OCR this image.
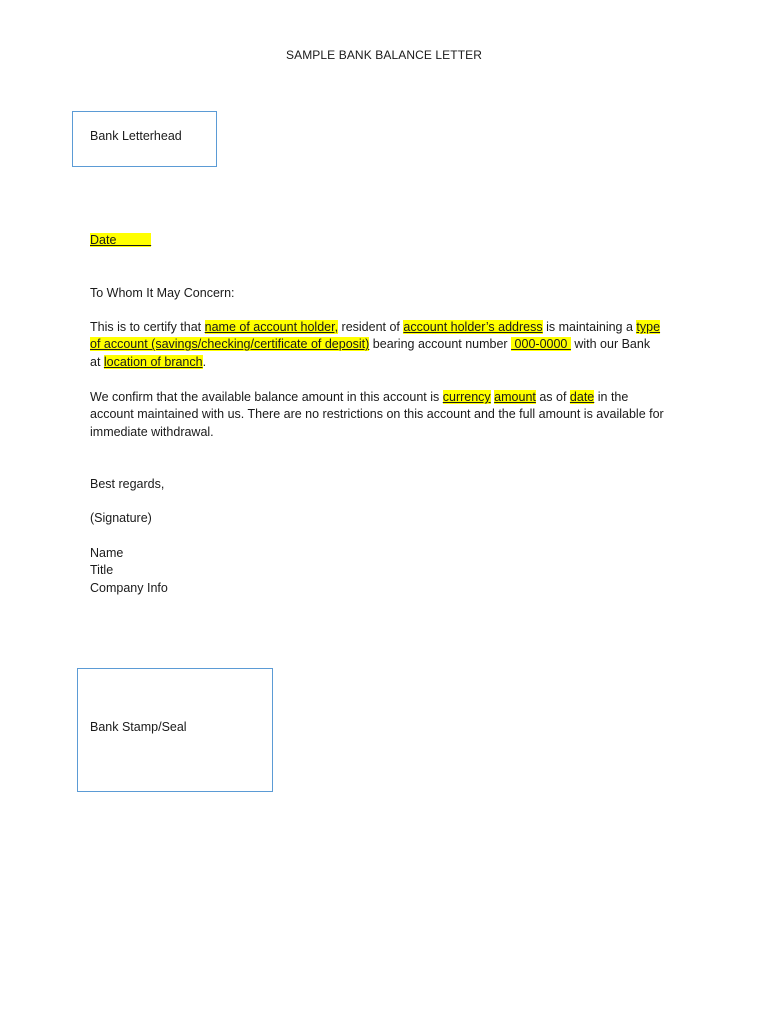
SAMPLE BANK BALANCE LETTER
Bank Letterhead
Date
To Whom It May Concern:
This is to certify that name of account holder, resident of account holder’s address is maintaining a type
of account (savings/checking/certificate of deposit) bearing account number  000-0000  with our Bank
at location of branch.
We confirm that the available balance amount in this account is currency amount as of date in the
account maintained with us. There are no restrictions on this account and the full amount is available for
immediate withdrawal.
Best regards,
(Signature)
Name
Title
Company Info
Bank Stamp/Seal
